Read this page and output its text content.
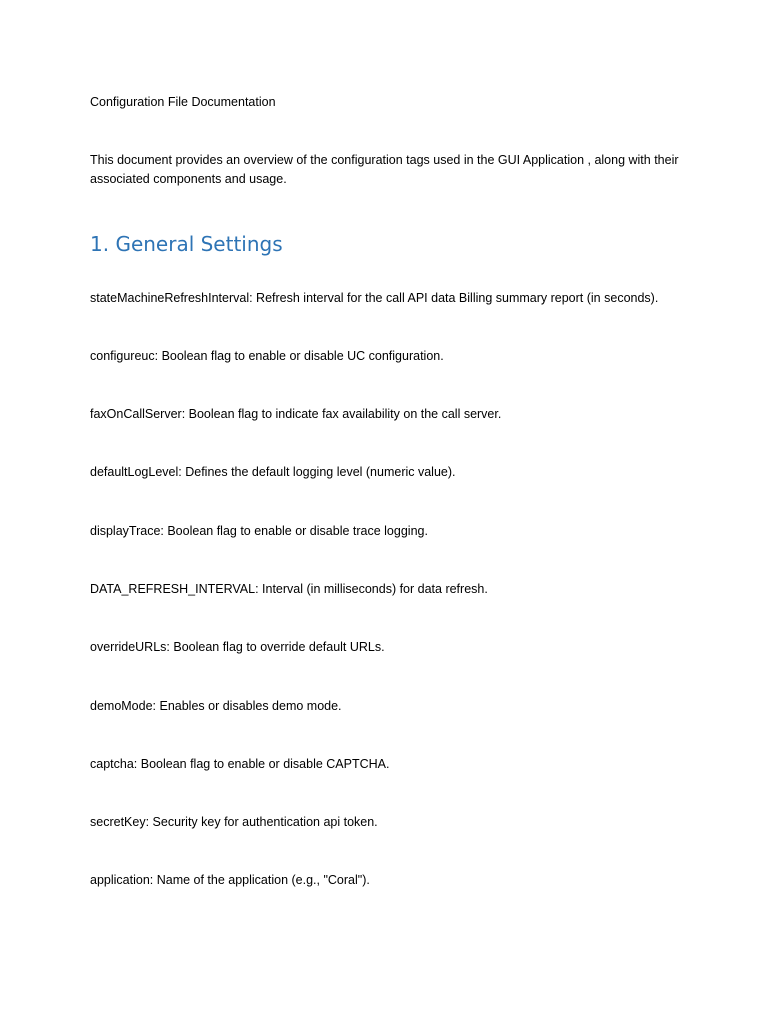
Configuration File Documentation
This document provides an overview of the configuration tags used in the GUI Application , along with their associated components and usage.
1. General Settings
stateMachineRefreshInterval: Refresh interval for the call API data Billing summary report (in seconds).
configureuc: Boolean flag to enable or disable UC configuration.
faxOnCallServer: Boolean flag to indicate fax availability on the call server.
defaultLogLevel: Defines the default logging level (numeric value).
displayTrace: Boolean flag to enable or disable trace logging.
DATA_REFRESH_INTERVAL: Interval (in milliseconds) for data refresh.
overrideURLs: Boolean flag to override default URLs.
demoMode: Enables or disables demo mode.
captcha: Boolean flag to enable or disable CAPTCHA.
secretKey: Security key for authentication api token.
application: Name of the application (e.g., "Coral").
